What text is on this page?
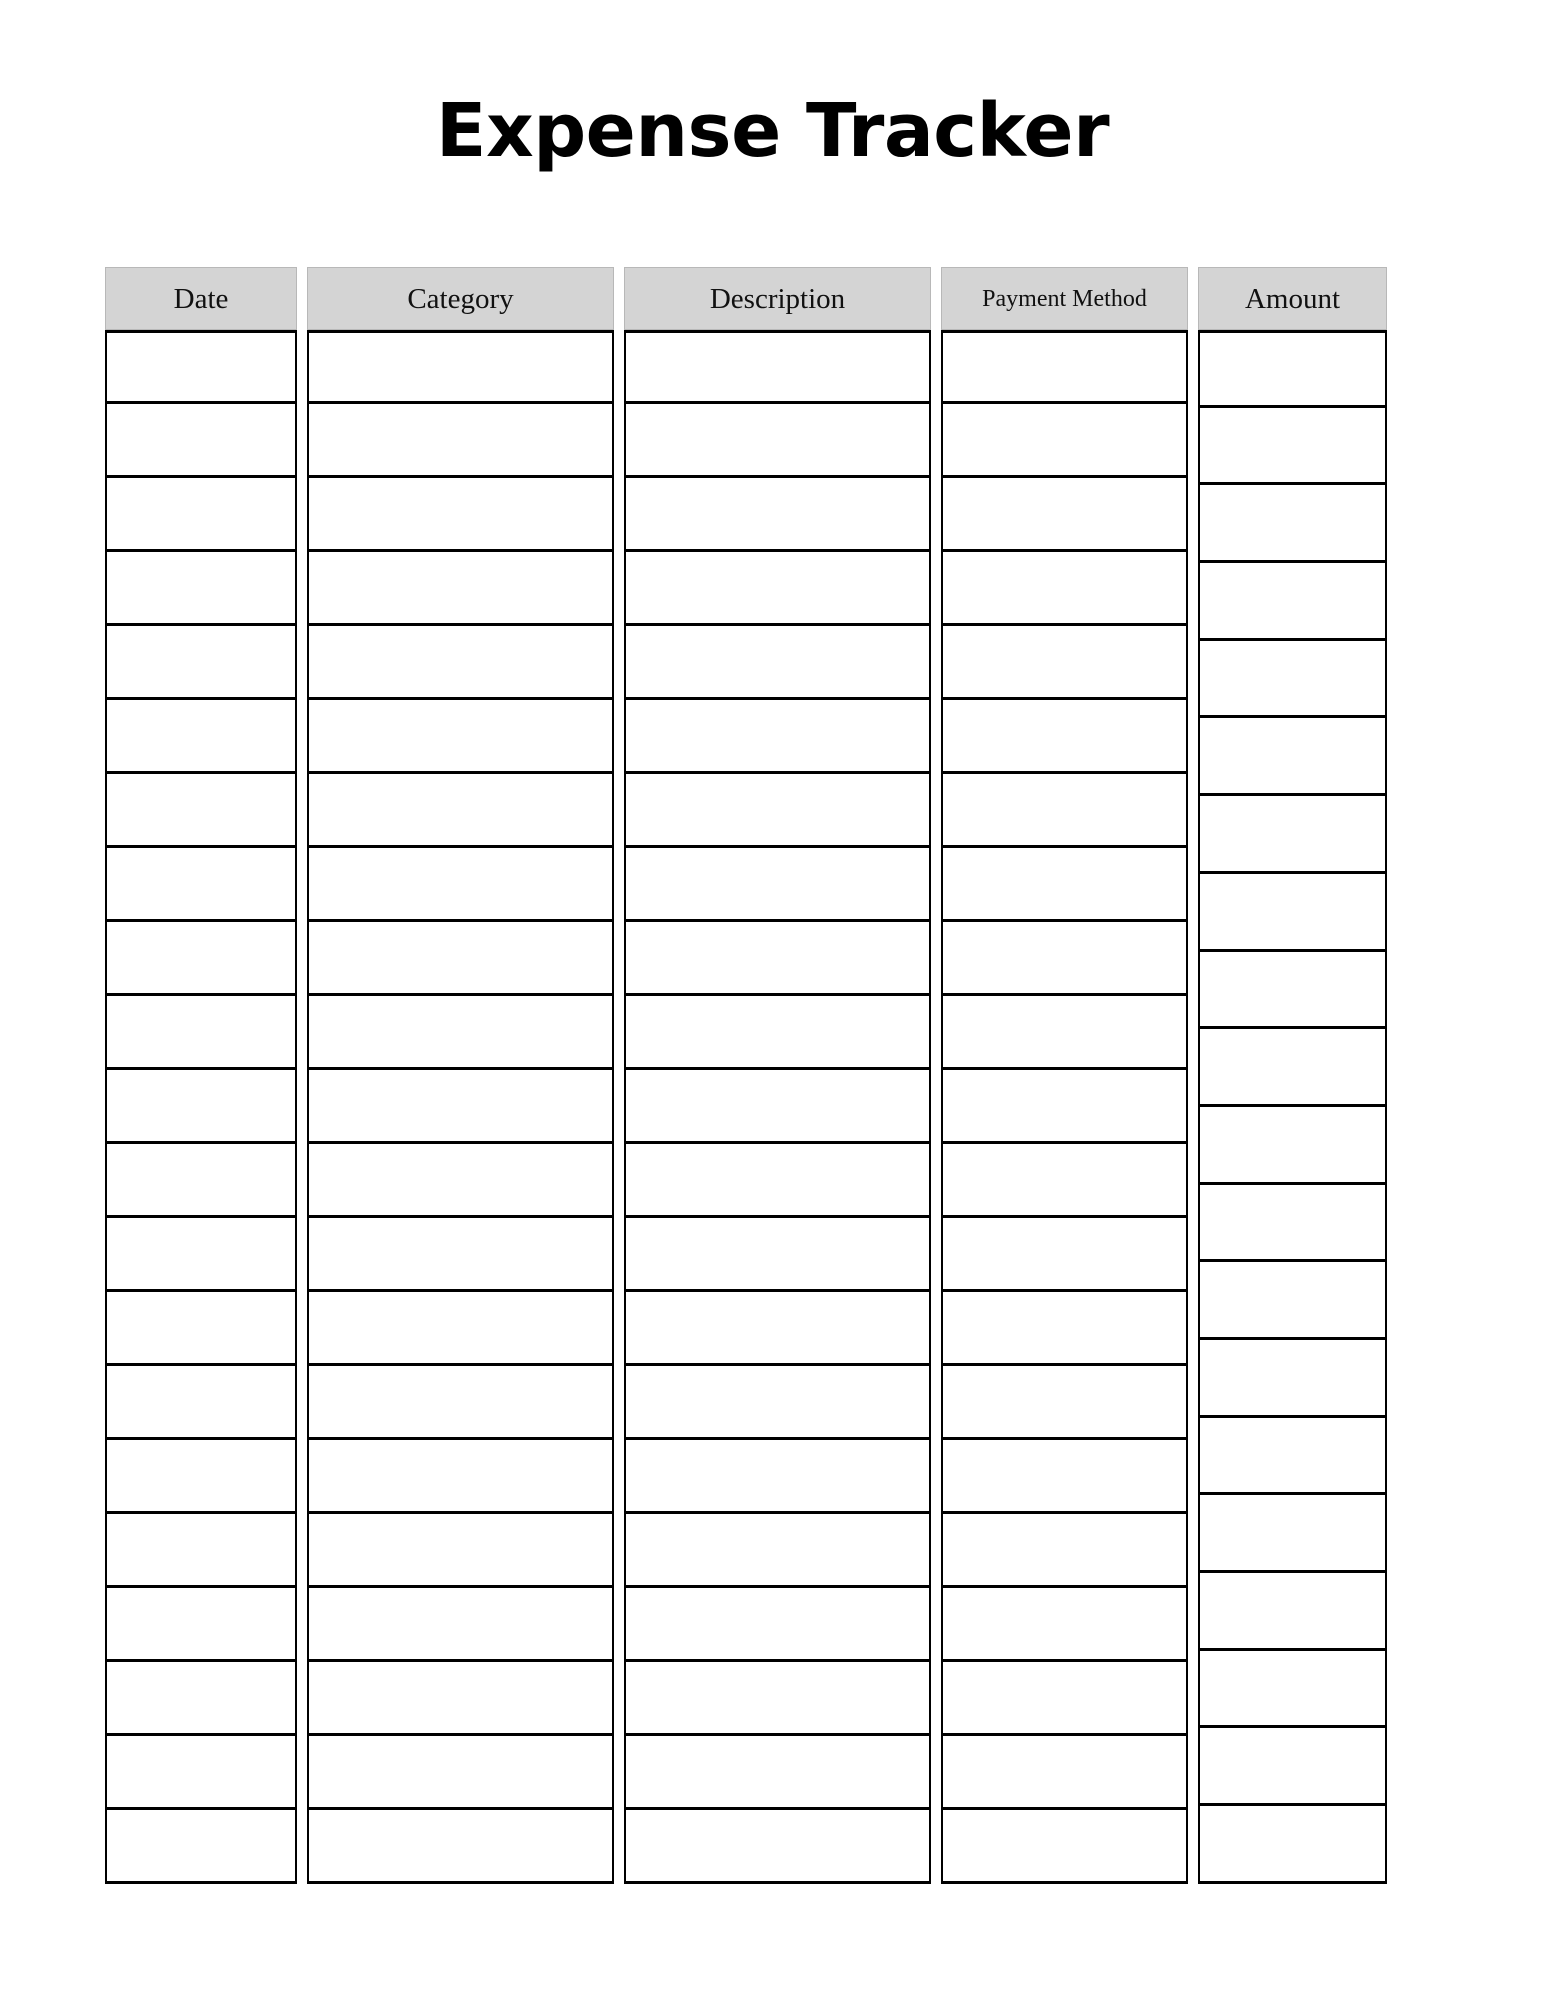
Expense Tracker
Date	Category	Description	Payment Method	Amount
